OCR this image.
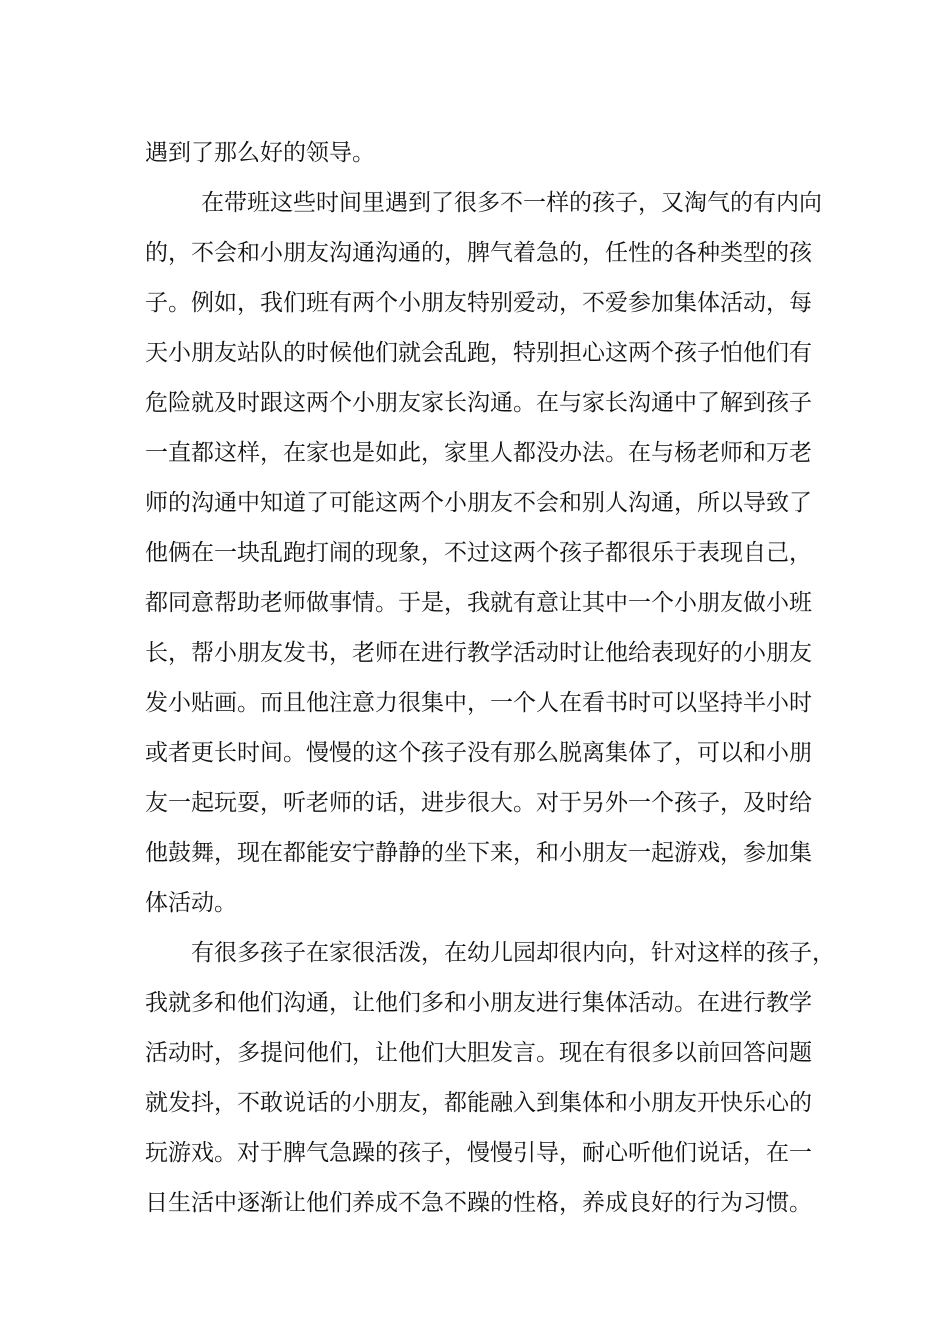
遇到了那么好的领导。
在带班这些时间里遇到了很多不一样的孩子，又淘气的有内向
的，不会和小朋友沟通沟通的，脾气着急的，任性的各种类型的孩
子。例如，我们班有两个小朋友特别爱动，不爱参加集体活动，每
天小朋友站队的时候他们就会乱跑，特别担心这两个孩子怕他们有
危险就及时跟这两个小朋友家长沟通。在与家长沟通中了解到孩子
一直都这样，在家也是如此，家里人都没办法。在与杨老师和万老
师的沟通中知道了可能这两个小朋友不会和别人沟通，所以导致了
他俩在一块乱跑打闹的现象，不过这两个孩子都很乐于表现自己，
都同意帮助老师做事情。于是，我就有意让其中一个小朋友做小班
长，帮小朋友发书，老师在进行教学活动时让他给表现好的小朋友
发小贴画。而且他注意力很集中，一个人在看书时可以坚持半小时
或者更长时间。慢慢的这个孩子没有那么脱离集体了，可以和小朋
友一起玩耍，听老师的话，进步很大。对于另外一个孩子，及时给
他鼓舞，现在都能安宁静静的坐下来，和小朋友一起游戏，参加集
体活动。
有很多孩子在家很活泼，在幼儿园却很内向，针对这样的孩子，
我就多和他们沟通，让他们多和小朋友进行集体活动。在进行教学
活动时，多提问他们，让他们大胆发言。现在有很多以前回答问题
就发抖，不敢说话的小朋友，都能融入到集体和小朋友开快乐心的
玩游戏。对于脾气急躁的孩子，慢慢引导，耐心听他们说话，在一
日生活中逐渐让他们养成不急不躁的性格，养成良好的行为习惯。
